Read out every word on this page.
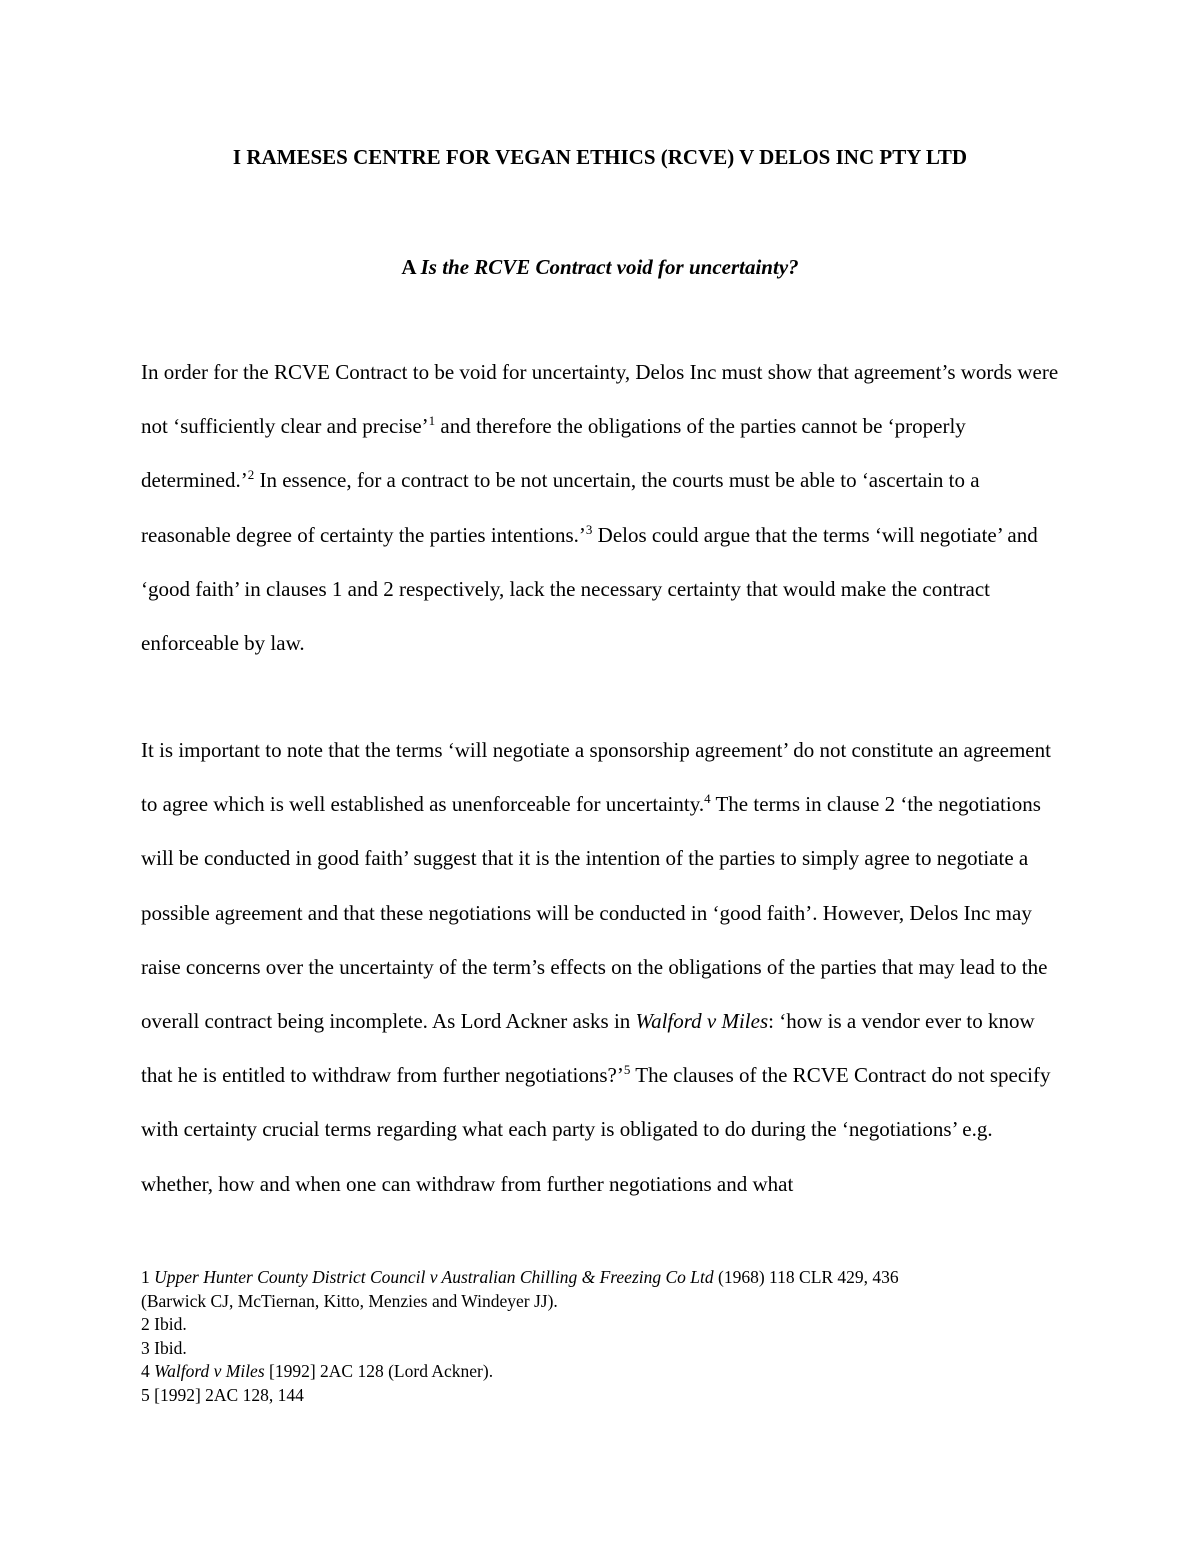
I RAMESES CENTRE FOR VEGAN ETHICS (RCVE) V DELOS INC PTY LTD
A Is the RCVE Contract void for uncertainty?

In order for the RCVE Contract to be void for uncertainty, Delos Inc must show that agreement’s words were not ‘sufficiently clear and precise’$^1$ and therefore the obligations of the parties cannot be ‘properly determined.’$^2$ In essence, for a contract to be not uncertain, the courts must be able to ‘ascertain to a reasonable degree of certainty the parties intentions.’$^3$ Delos could argue that the terms ‘will negotiate’ and ‘good faith’ in clauses 1 and 2 respectively, lack the necessary certainty that would make the contract enforceable by law.

It is important to note that the terms ‘will negotiate a sponsorship agreement’ do not constitute an agreement to agree which is well established as unenforceable for uncertainty.$^4$ The terms in clause 2 ‘the negotiations will be conducted in good faith’ suggest that it is the intention of the parties to simply agree to negotiate a possible agreement and that these negotiations will be conducted in ‘good faith’. However, Delos Inc may raise concerns over the uncertainty of the term’s effects on the obligations of the parties that may lead to the overall contract being incomplete. As Lord Ackner asks in Walford v Miles: ‘how is a vendor ever to know that he is entitled to withdraw from further negotiations?’$^5$ The clauses of the RCVE Contract do not specify with certainty crucial terms regarding what each party is obligated to do during the ‘negotiations’ e.g. whether, how and when one can withdraw from further negotiations and what

1 Upper Hunter County District Council v Australian Chilling & Freezing Co Ltd (1968) 118 CLR 429, 436

(Barwick CJ, McTiernan, Kitto, Menzies and Windeyer JJ).

2 Ibid.

3 Ibid.

4 Walford v Miles [1992] 2AC 128 (Lord Ackner).

5 [1992] 2AC 128, 144
